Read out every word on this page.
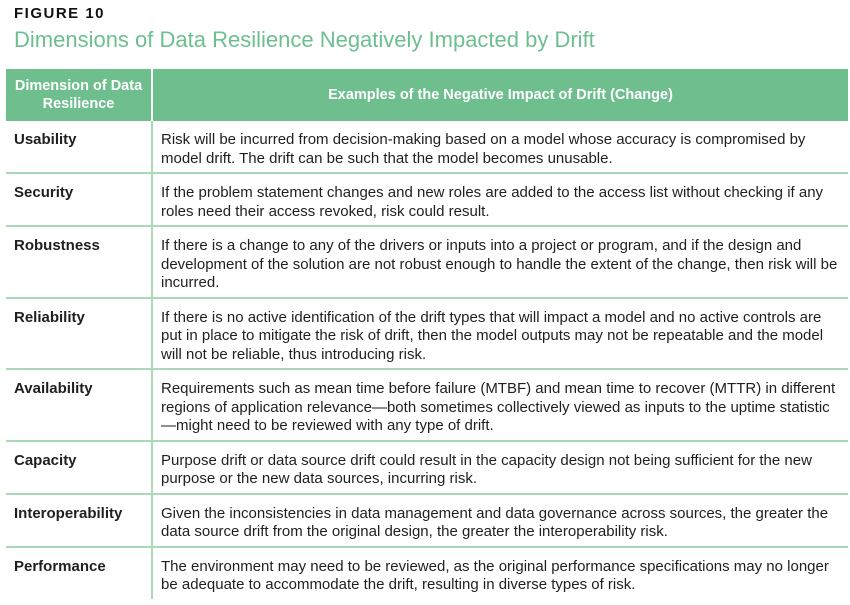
FIGURE 10
Dimensions of Data Resilience Negatively Impacted by Drift
Dimension of Data Resilience	Examples of the Negative Impact of Drift (Change)
Usability	Risk will be incurred from decision-making based on a model whose accuracy is compromised by model drift. The drift can be such that the model becomes unusable.
Security	If the problem statement changes and new roles are added to the access list without checking if any roles need their access revoked, risk could result.
Robustness	If there is a change to any of the drivers or inputs into a project or program, and if the design and development of the solution are not robust enough to handle the extent of the change, then risk will be incurred.
Reliability	If there is no active identification of the drift types that will impact a model and no active controls are put in place to mitigate the risk of drift, then the model outputs may not be repeatable and the model will not be reliable, thus introducing risk.
Availability	Requirements such as mean time before failure (MTBF) and mean time to recover (MTTR) in different regions of application relevance—both sometimes collectively viewed as inputs to the uptime statistic—might need to be reviewed with any type of drift.
Capacity	Purpose drift or data source drift could result in the capacity design not being sufficient for the new purpose or the new data sources, incurring risk.
Interoperability	Given the inconsistencies in data management and data governance across sources, the greater the data source drift from the original design, the greater the interoperability risk.
Performance	The environment may need to be reviewed, as the original performance specifications may no longer be adequate to accommodate the drift, resulting in diverse types of risk.
